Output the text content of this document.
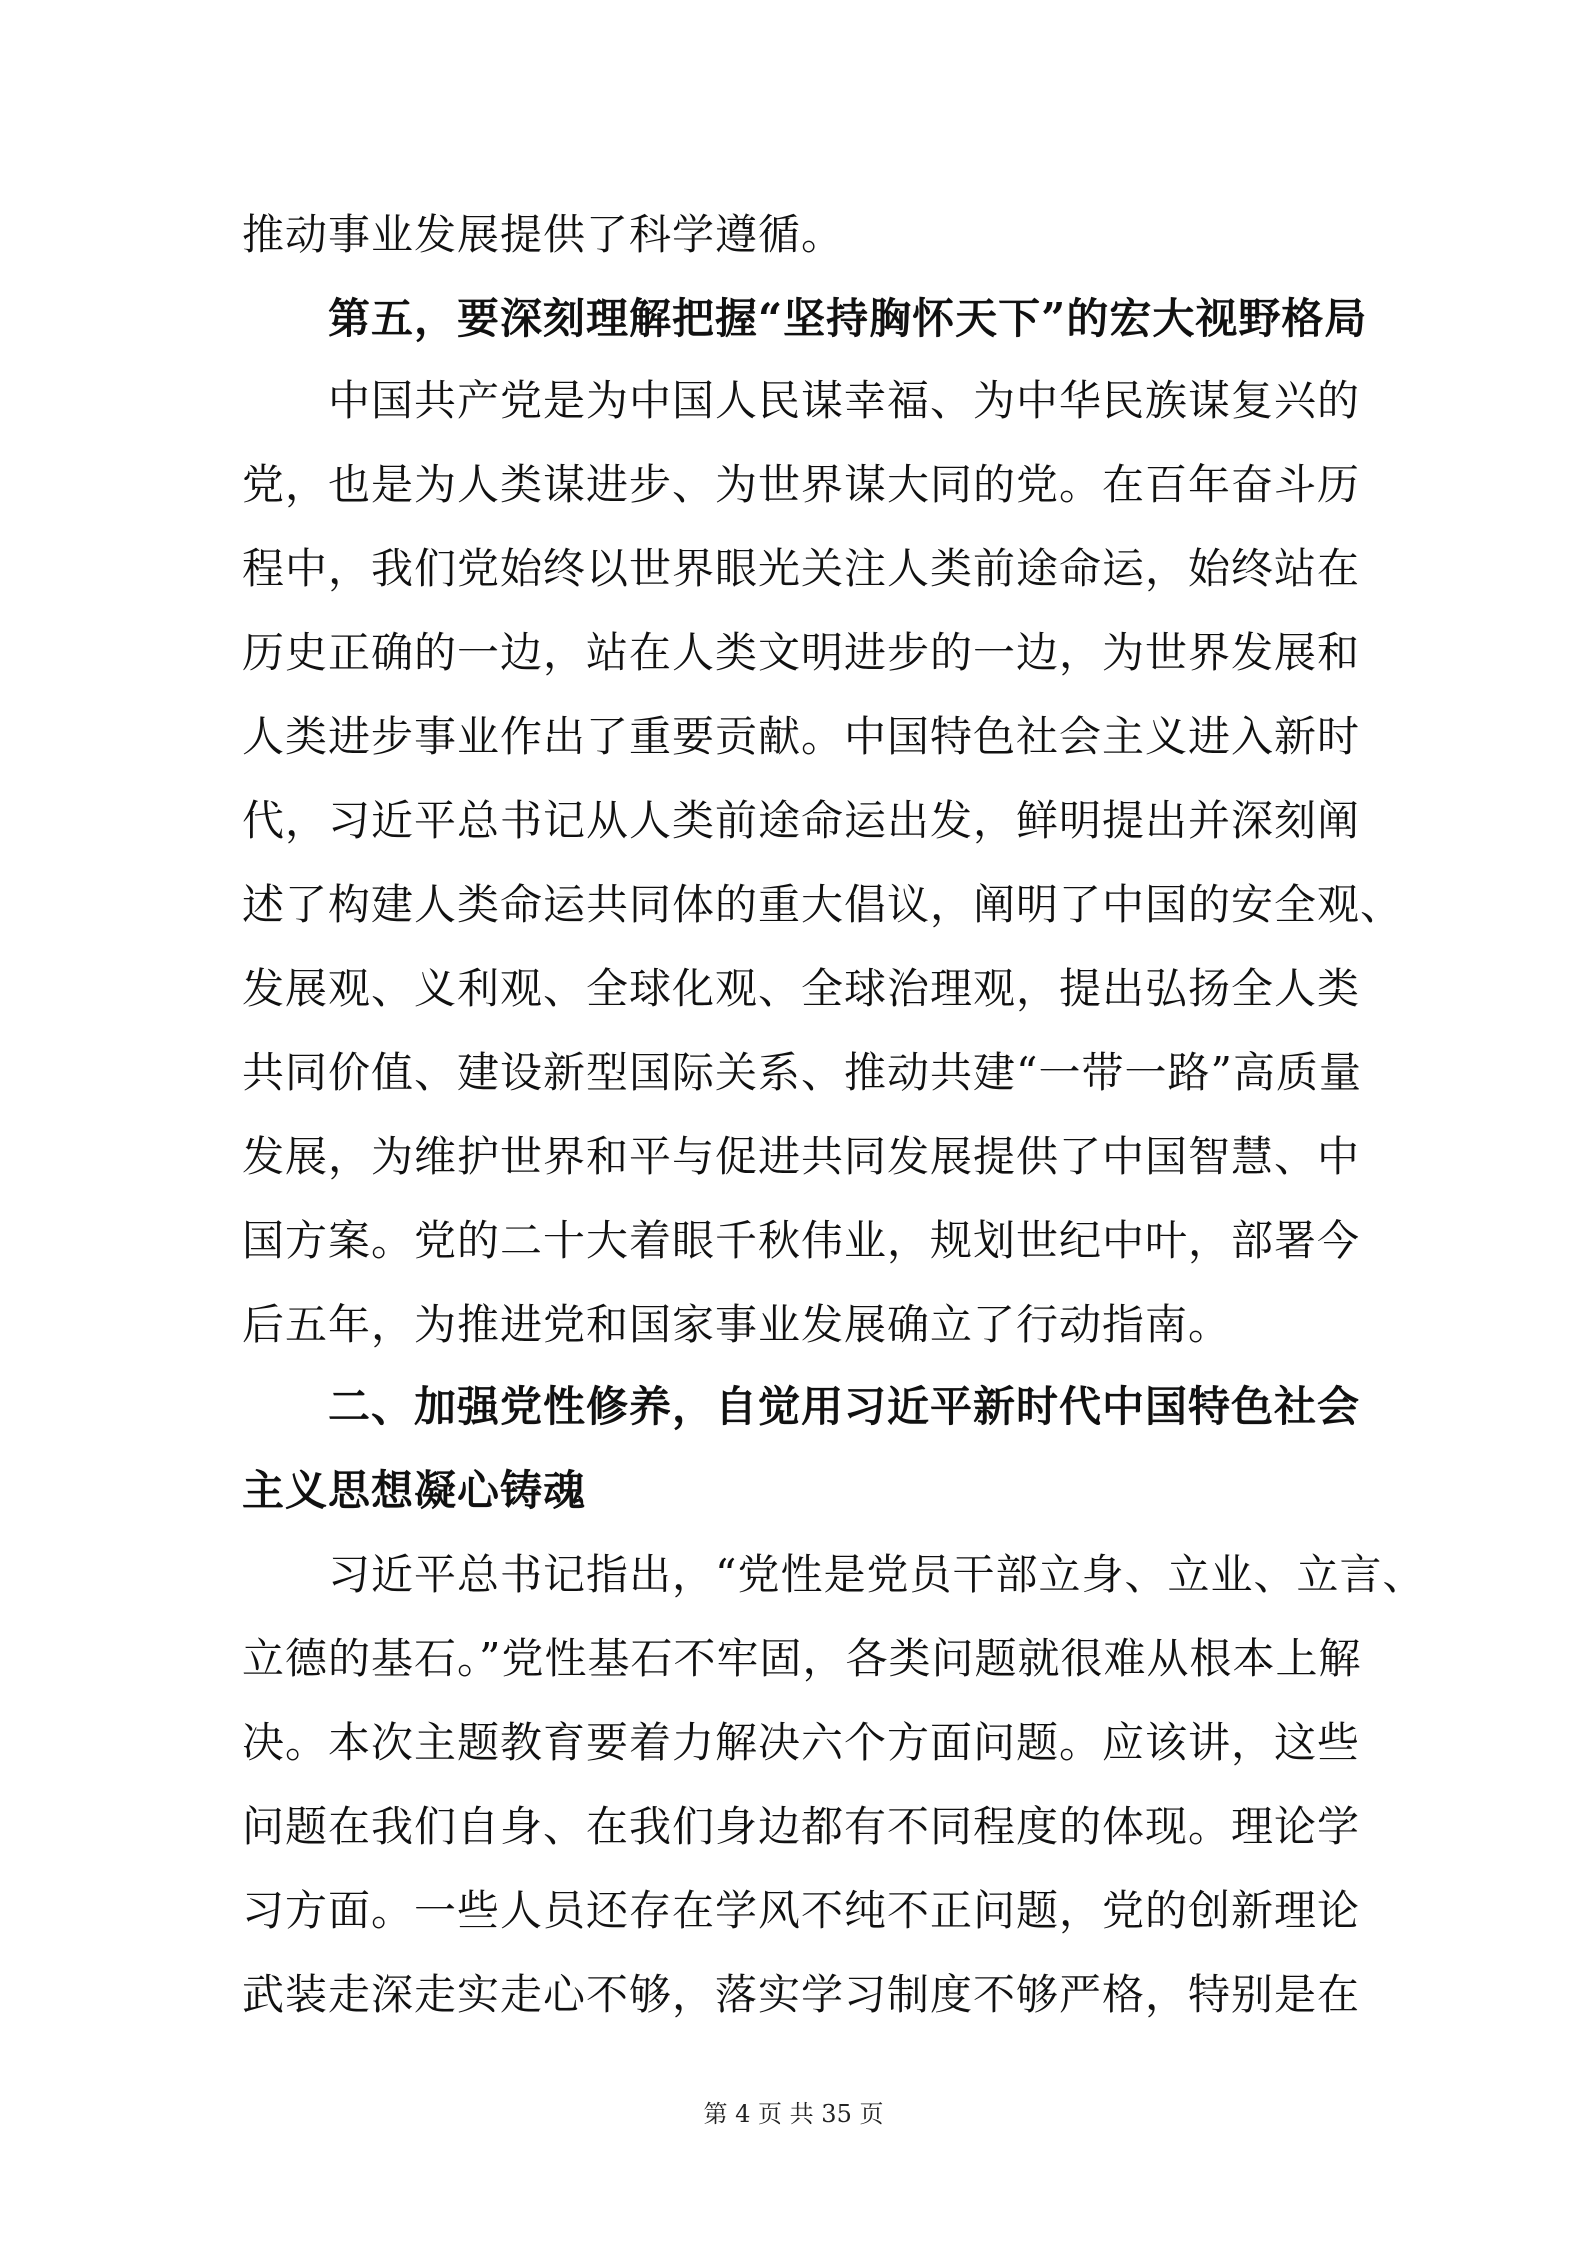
推动事业发展提供了科学遵循。
第五，要深刻理解把握“坚持胸怀天下”的宏大视野格局
中国共产党是为中国人民谋幸福、为中华民族谋复兴的
党，也是为人类谋进步、为世界谋大同的党。在百年奋斗历
程中，我们党始终以世界眼光关注人类前途命运，始终站在
历史正确的一边，站在人类文明进步的一边，为世界发展和
人类进步事业作出了重要贡献。中国特色社会主义进入新时
代，习近平总书记从人类前途命运出发，鲜明提出并深刻阐
述了构建人类命运共同体的重大倡议，阐明了中国的安全观、
发展观、义利观、全球化观、全球治理观，提出弘扬全人类
共同价值、建设新型国际关系、推动共建“一带一路”高质量
发展，为维护世界和平与促进共同发展提供了中国智慧、中
国方案。党的二十大着眼千秋伟业，规划世纪中叶，部署今
后五年，为推进党和国家事业发展确立了行动指南。
二、加强党性修养，自觉用习近平新时代中国特色社会
主义思想凝心铸魂
习近平总书记指出，“党性是党员干部立身、立业、立言、
立德的基石。”党性基石不牢固，各类问题就很难从根本上解
决。本次主题教育要着力解决六个方面问题。应该讲，这些
问题在我们自身、在我们身边都有不同程度的体现。理论学
习方面。一些人员还存在学风不纯不正问题，党的创新理论
武装走深走实走心不够，落实学习制度不够严格，特别是在
第 4 页 共 35 页
